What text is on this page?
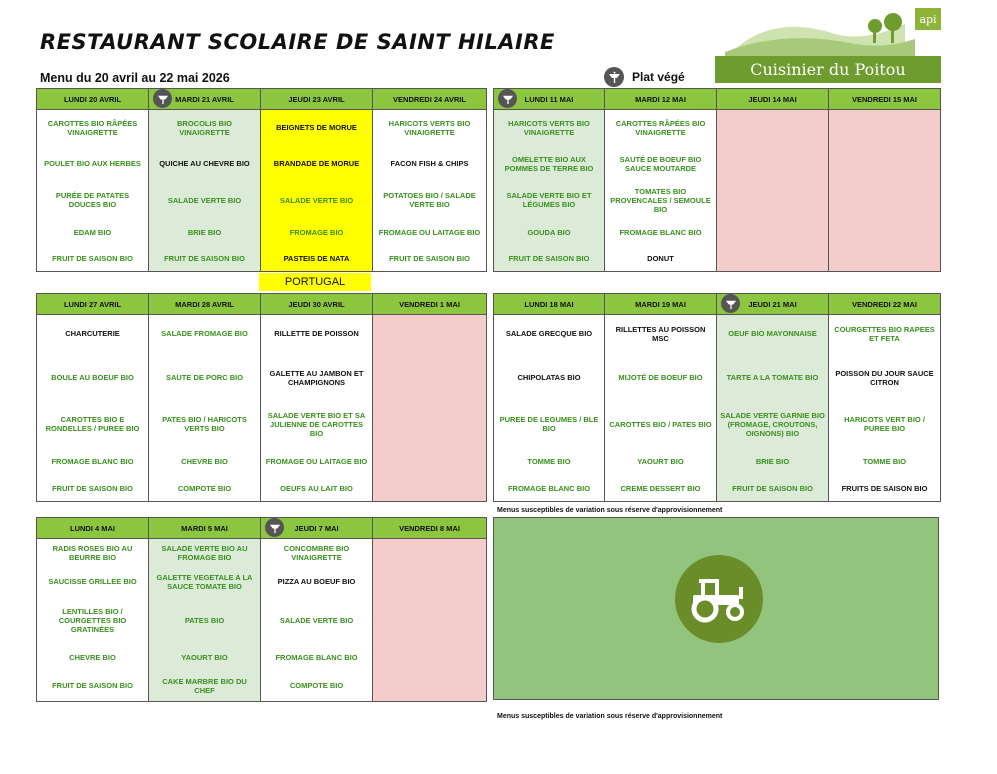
RESTAURANT SCOLAIRE DE SAINT HILAIRE
Menu du 20 avril au 22 mai 2026	Plat végé
api
Cuisinier du Poitou
LUNDI 20 AVRIL	MARDI 21 AVRIL	JEUDI 23 AVRIL	VENDREDI 24 AVRIL
CAROTTES BIO RÂPÉES VINAIGRETTE	BROCOLIS BIO VINAIGRETTE	BEIGNETS DE MORUE	HARICOTS VERTS BIO VINAIGRETTE
POULET BIO AUX HERBES	QUICHE AU CHEVRE BIO	BRANDADE DE MORUE	FACON FISH & CHIPS
PURÉE DE PATATES DOUCES BIO	SALADE VERTE BIO	SALADE VERTE BIO	POTATOES BIO / SALADE VERTE BIO
EDAM BIO	BRIE BIO	FROMAGE BIO	FROMAGE OU LAITAGE BIO
FRUIT DE SAISON BIO	FRUIT DE SAISON BIO	PASTEIS DE NATA	FRUIT DE SAISON BIO
PORTUGAL
LUNDI 11 MAI	MARDI 12 MAI	JEUDI 14 MAI	VENDREDI 15 MAI
HARICOTS VERTS BIO VINAIGRETTE	CAROTTES RÂPÉES BIO VINAIGRETTE		
OMELETTE BIO AUX POMMES DE TERRE BIO	SAUTÉ DE BOEUF BIO SAUCE MOUTARDE		
SALADE VERTE BIO ET LÉGUMES BIO	TOMATES BIO PROVENCALES / SEMOULE BIO		
GOUDA BIO	FROMAGE BLANC BIO		
FRUIT DE SAISON BIO	DONUT		
LUNDI 27 AVRIL	MARDI 28 AVRIL	JEUDI 30 AVRIL	VENDREDI 1 MAI
CHARCUTERIE	SALADE FROMAGE BIO	RILLETTE DE POISSON	
BOULE AU BOEUF BIO	SAUTE DE PORC BIO	GALETTE AU JAMBON ET CHAMPIGNONS	
CAROTTES BIO E RONDELLES / PUREE BIO	PATES BIO / HARICOTS VERTS BIO	SALADE VERTE BIO ET SA JULIENNE DE CAROTTES BIO	
FROMAGE BLANC BIO	CHEVRE BIO	FROMAGE OU LAITAGE BIO	
FRUIT DE SAISON BIO	COMPOTE BIO	OEUFS AU LAIT BIO	
LUNDI 18 MAI	MARDI 19 MAI	JEUDI 21 MAI	VENDREDI 22 MAI
SALADE GRECQUE BIO	RILLETTES AU POISSON MSC	OEUF BIO MAYONNAISE	COURGETTES BIO RAPEES ET FETA
CHIPOLATAS BIO	MIJOTÉ DE BOEUF BIO	TARTE A LA TOMATE BIO	POISSON DU JOUR SAUCE CITRON
PUREE DE LEGUMES / BLE BIO	CAROTTES BIO / PATES BIO	SALADE VERTE GARNIE BIO (FROMAGE, CROUTONS, OIGNONS) BIO	HARICOTS VERT BIO / PUREE BIO
TOMME BIO	YAOURT BIO	BRIE BIO	TOMME BIO
FROMAGE BLANC BIO	CREME DESSERT BIO	FRUIT DE SAISON BIO	FRUITS DE SAISON BIO
Menus susceptibles de variation sous réserve d'approvisionnement
LUNDI 4 MAI	MARDI 5 MAI	JEUDI 7 MAI	VENDREDI 8 MAI
RADIS ROSES BIO AU BEURRE BIO	SALADE VERTE BIO AU FROMAGE BIO	CONCOMBRE BIO VINAIGRETTE	
SAUCISSE GRILLEE BIO	GALETTE VEGETALE A LA SAUCE TOMATE BIO	PIZZA AU BOEUF BIO	
LENTILLES BIO / COURGETTES BIO GRATINÉES	PATES BIO	SALADE VERTE BIO	
CHEVRE BIO	YAOURT BIO	FROMAGE BLANC BIO	
FRUIT DE SAISON BIO	CAKE MARBRE BIO DU CHEF	COMPOTE BIO	
Menus susceptibles de variation sous réserve d'approvisionnement
